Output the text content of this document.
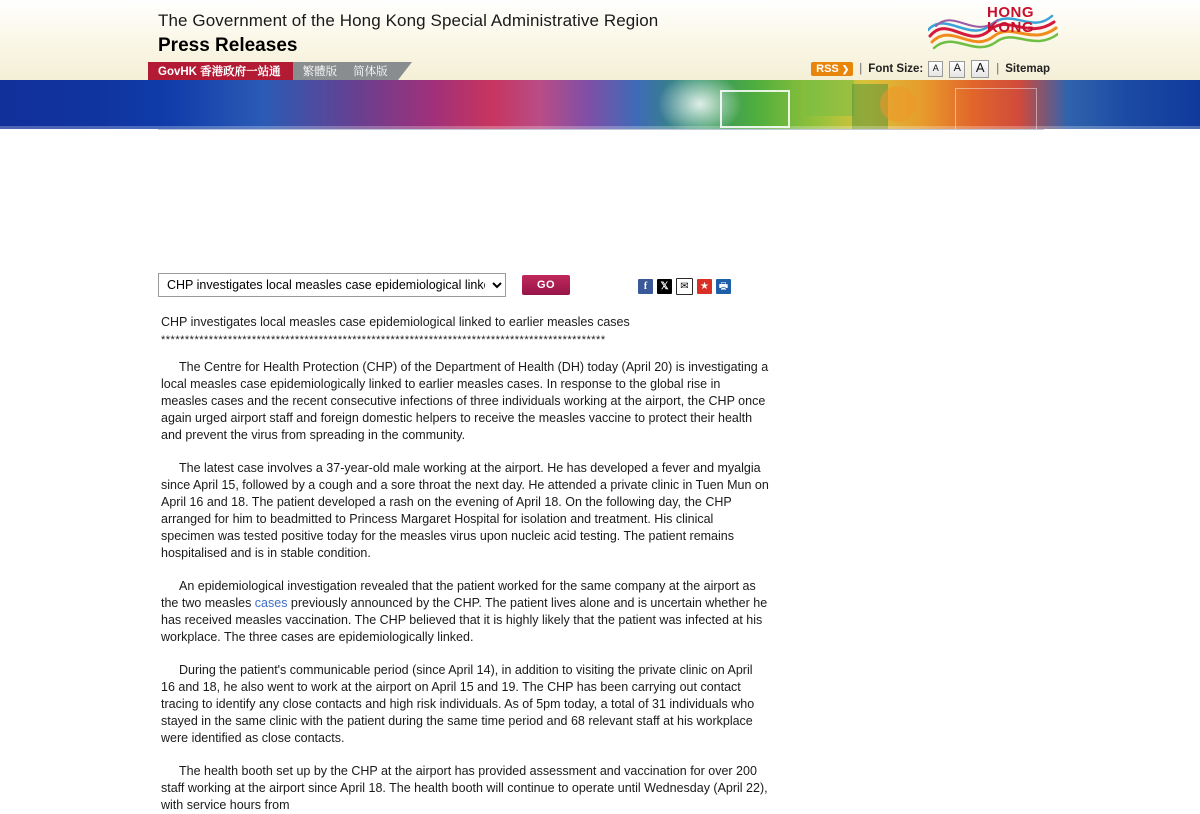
The Government of the Hong Kong Special Administrative Region
Press Releases
HONG
KONG
GovHK 香港政府一站通 繁體版 简体版	RSS ❯ | Font Size:	A	A	A	| Sitemap
CHP investigates local measles case epidemiological linked
GO	f	𝕏	✉	★ 🖶

CHP investigates local measles case epidemiological linked to earlier measles cases

*********************************************************************************************

The Centre for Health Protection (CHP) of the Department of Health (DH) today (April 20) is investigating a local measles case epidemiologically linked to earlier measles cases. In response to the global rise in measles cases and the recent consecutive infections of three individuals working at the airport, the CHP once again urged airport staff and foreign domestic helpers to receive the measles vaccine to protect their health and prevent the virus from spreading in the community.

The latest case involves a 37-year-old male working at the airport. He has developed a fever and myalgia since April 15, followed by a cough and a sore throat the next day. He attended a private clinic in Tuen Mun on April 16 and 18. The patient developed a rash on the evening of April 18. On the following day, the CHP arranged for him to beadmitted to Princess Margaret Hospital for isolation and treatment. His clinical specimen was tested positive today for the measles virus upon nucleic acid testing. The patient remains hospitalised and is in stable condition.

An epidemiological investigation revealed that the patient worked for the same company at the airport as the two measles cases previously announced by the CHP. The patient lives alone and is uncertain whether he has received measles vaccination. The CHP believed that it is highly likely that the patient was infected at his workplace. The three cases are epidemiologically linked.

During the patient's communicable period (since April 14), in addition to visiting the private clinic on April 16 and 18, he also went to work at the airport on April 15 and 19. The CHP has been carrying out contact tracing to identify any close contacts and high risk individuals. As of 5pm today, a total of 31 individuals who stayed in the same clinic with the patient during the same time period and 68 relevant staff at his workplace were identified as close contacts.

The health booth set up by the CHP at the airport has provided assessment and vaccination for over 200 staff working at the airport since April 18. The health booth will continue to operate until Wednesday (April 22), with service hours from
